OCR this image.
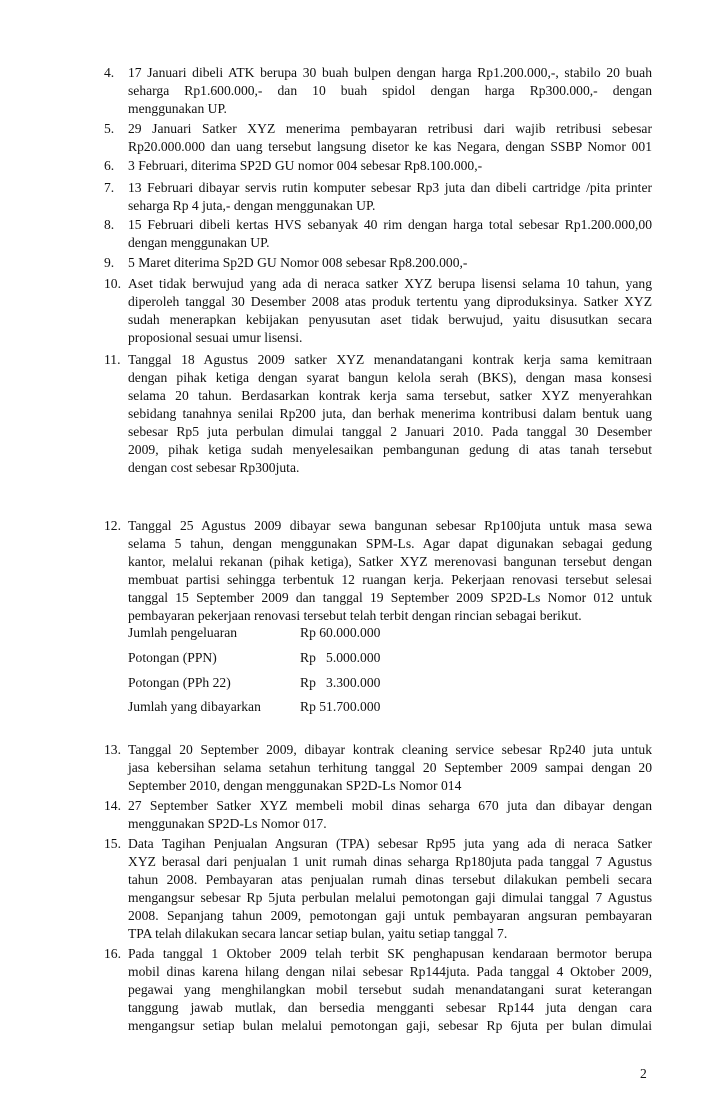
4. 17 Januari dibeli ATK berupa 30 buah bulpen dengan harga Rp1.200.000,-, stabilo 20 buah
seharga Rp1.600.000,- dan 10 buah spidol dengan harga Rp300.000,- dengan
menggunakan UP.
5. 29 Januari Satker XYZ menerima pembayaran retribusi dari wajib retribusi sebesar
Rp20.000.000 dan uang tersebut langsung disetor ke kas Negara, dengan SSBP Nomor 001
6. 3 Februari, diterima SP2D GU nomor 004 sebesar Rp8.100.000,-
7. 13 Februari dibayar servis rutin komputer sebesar Rp3 juta dan dibeli cartridge /pita printer
seharga Rp 4 juta,- dengan menggunakan UP.
8. 15 Februari dibeli kertas HVS sebanyak 40 rim dengan harga total sebesar Rp1.200.000,00
dengan menggunakan UP.
9. 5 Maret diterima Sp2D GU Nomor 008 sebesar Rp8.200.000,-
10. Aset tidak berwujud yang ada di neraca satker XYZ berupa lisensi selama 10 tahun, yang
diperoleh tanggal 30 Desember 2008 atas produk tertentu yang diproduksinya. Satker XYZ
sudah menerapkan kebijakan penyusutan aset tidak berwujud, yaitu disusutkan secara
proposional sesuai umur lisensi.
11. Tanggal 18 Agustus 2009 satker XYZ menandatangani kontrak kerja sama kemitraan
dengan pihak ketiga dengan syarat bangun kelola serah (BKS), dengan masa konsesi
selama 20 tahun. Berdasarkan kontrak kerja sama tersebut, satker XYZ menyerahkan
sebidang tanahnya senilai Rp200 juta, dan berhak menerima kontribusi dalam bentuk uang
sebesar Rp5 juta perbulan dimulai tanggal 2 Januari 2010. Pada tanggal 30 Desember
2009, pihak ketiga sudah menyelesaikan pembangunan gedung di atas tanah tersebut
dengan cost sebesar Rp300juta.
12. Tanggal 25 Agustus 2009 dibayar sewa bangunan sebesar Rp100juta untuk masa sewa
selama 5 tahun, dengan menggunakan SPM-Ls. Agar dapat digunakan sebagai gedung
kantor, melalui rekanan (pihak ketiga), Satker XYZ merenovasi bangunan tersebut dengan
membuat partisi sehingga terbentuk 12 ruangan kerja. Pekerjaan renovasi tersebut selesai
tanggal 15 September 2009 dan tanggal 19 September 2009 SP2D-Ls Nomor 012 untuk
pembayaran pekerjaan renovasi tersebut telah terbit dengan rincian sebagai berikut.
Jumlah pengeluaran	Rp 60.000.000
Potongan (PPN)	Rp   5.000.000
Potongan (PPh 22)	Rp   3.300.000
Jumlah yang dibayarkan	Rp 51.700.000
13. Tanggal 20 September 2009, dibayar kontrak cleaning service sebesar Rp240 juta untuk
jasa kebersihan selama setahun terhitung tanggal 20 September 2009 sampai dengan 20
September 2010, dengan menggunakan SP2D-Ls Nomor 014
14. 27 September Satker XYZ membeli mobil dinas seharga 670 juta dan dibayar dengan
menggunakan SP2D-Ls Nomor 017.
15. Data Tagihan Penjualan Angsuran (TPA) sebesar Rp95 juta yang ada di neraca Satker
XYZ berasal dari penjualan 1 unit rumah dinas seharga Rp180juta pada tanggal 7 Agustus
tahun 2008. Pembayaran atas penjualan rumah dinas tersebut dilakukan pembeli secara
mengangsur sebesar Rp 5juta perbulan melalui pemotongan gaji dimulai tanggal 7 Agustus
2008. Sepanjang tahun 2009, pemotongan gaji untuk pembayaran angsuran pembayaran
TPA telah dilakukan secara lancar setiap bulan, yaitu setiap tanggal 7.
16. Pada tanggal 1 Oktober 2009 telah terbit SK penghapusan kendaraan bermotor berupa
mobil dinas karena hilang dengan nilai sebesar Rp144juta. Pada tanggal 4 Oktober 2009,
pegawai yang menghilangkan mobil tersebut sudah menandatangani surat keterangan
tanggung jawab mutlak, dan bersedia mengganti sebesar Rp144 juta dengan cara
mengangsur setiap bulan melalui pemotongan gaji, sebesar Rp 6juta per bulan dimulai
2
